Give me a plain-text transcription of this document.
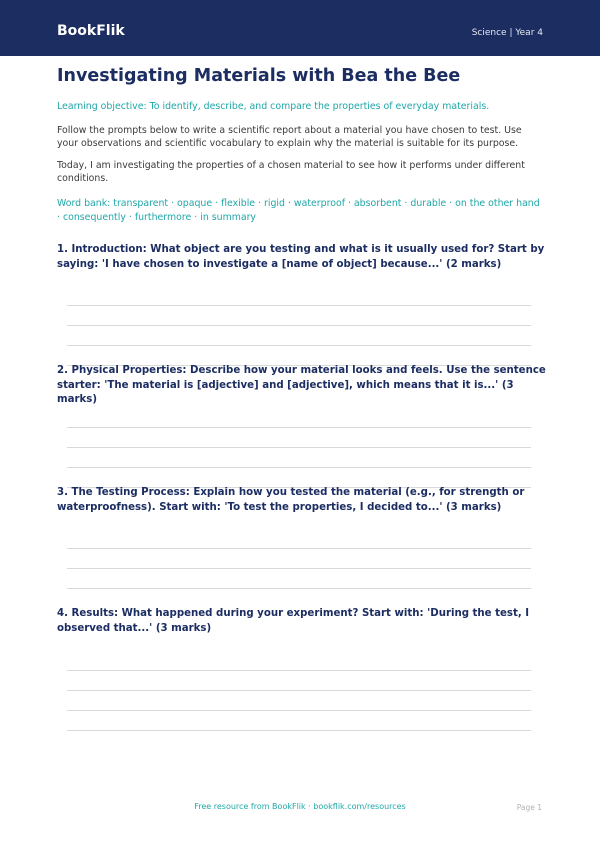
BookFlik	Science | Year 4
Investigating Materials with Bea the Bee

Learning objective: To identify, describe, and compare the properties of everyday materials.

Follow the prompts below to write a scientific report about a material you have chosen to test. Use your observations and scientific vocabulary to explain why the material is suitable for its purpose.

Today, I am investigating the properties of a chosen material to see how it performs under different conditions.

Word bank: transparent · opaque · flexible · rigid · waterproof · absorbent · durable · on the other hand · consequently · furthermore · in summary

1. Introduction: What object are you testing and what is it usually used for? Start by saying: 'I have chosen to investigate a [name of object] because...' (2 marks)

2. Physical Properties: Describe how your material looks and feels. Use the sentence starter: 'The material is [adjective] and [adjective], which means that it is...' (3 marks)

3. The Testing Process: Explain how you tested the material (e.g., for strength or waterproofness). Start with: 'To test the properties, I decided to...' (3 marks)

4. Results: What happened during your experiment? Start with: 'During the test, I observed that...' (3 marks)

Free resource from BookFlik · bookflik.com/resources	Page 1
